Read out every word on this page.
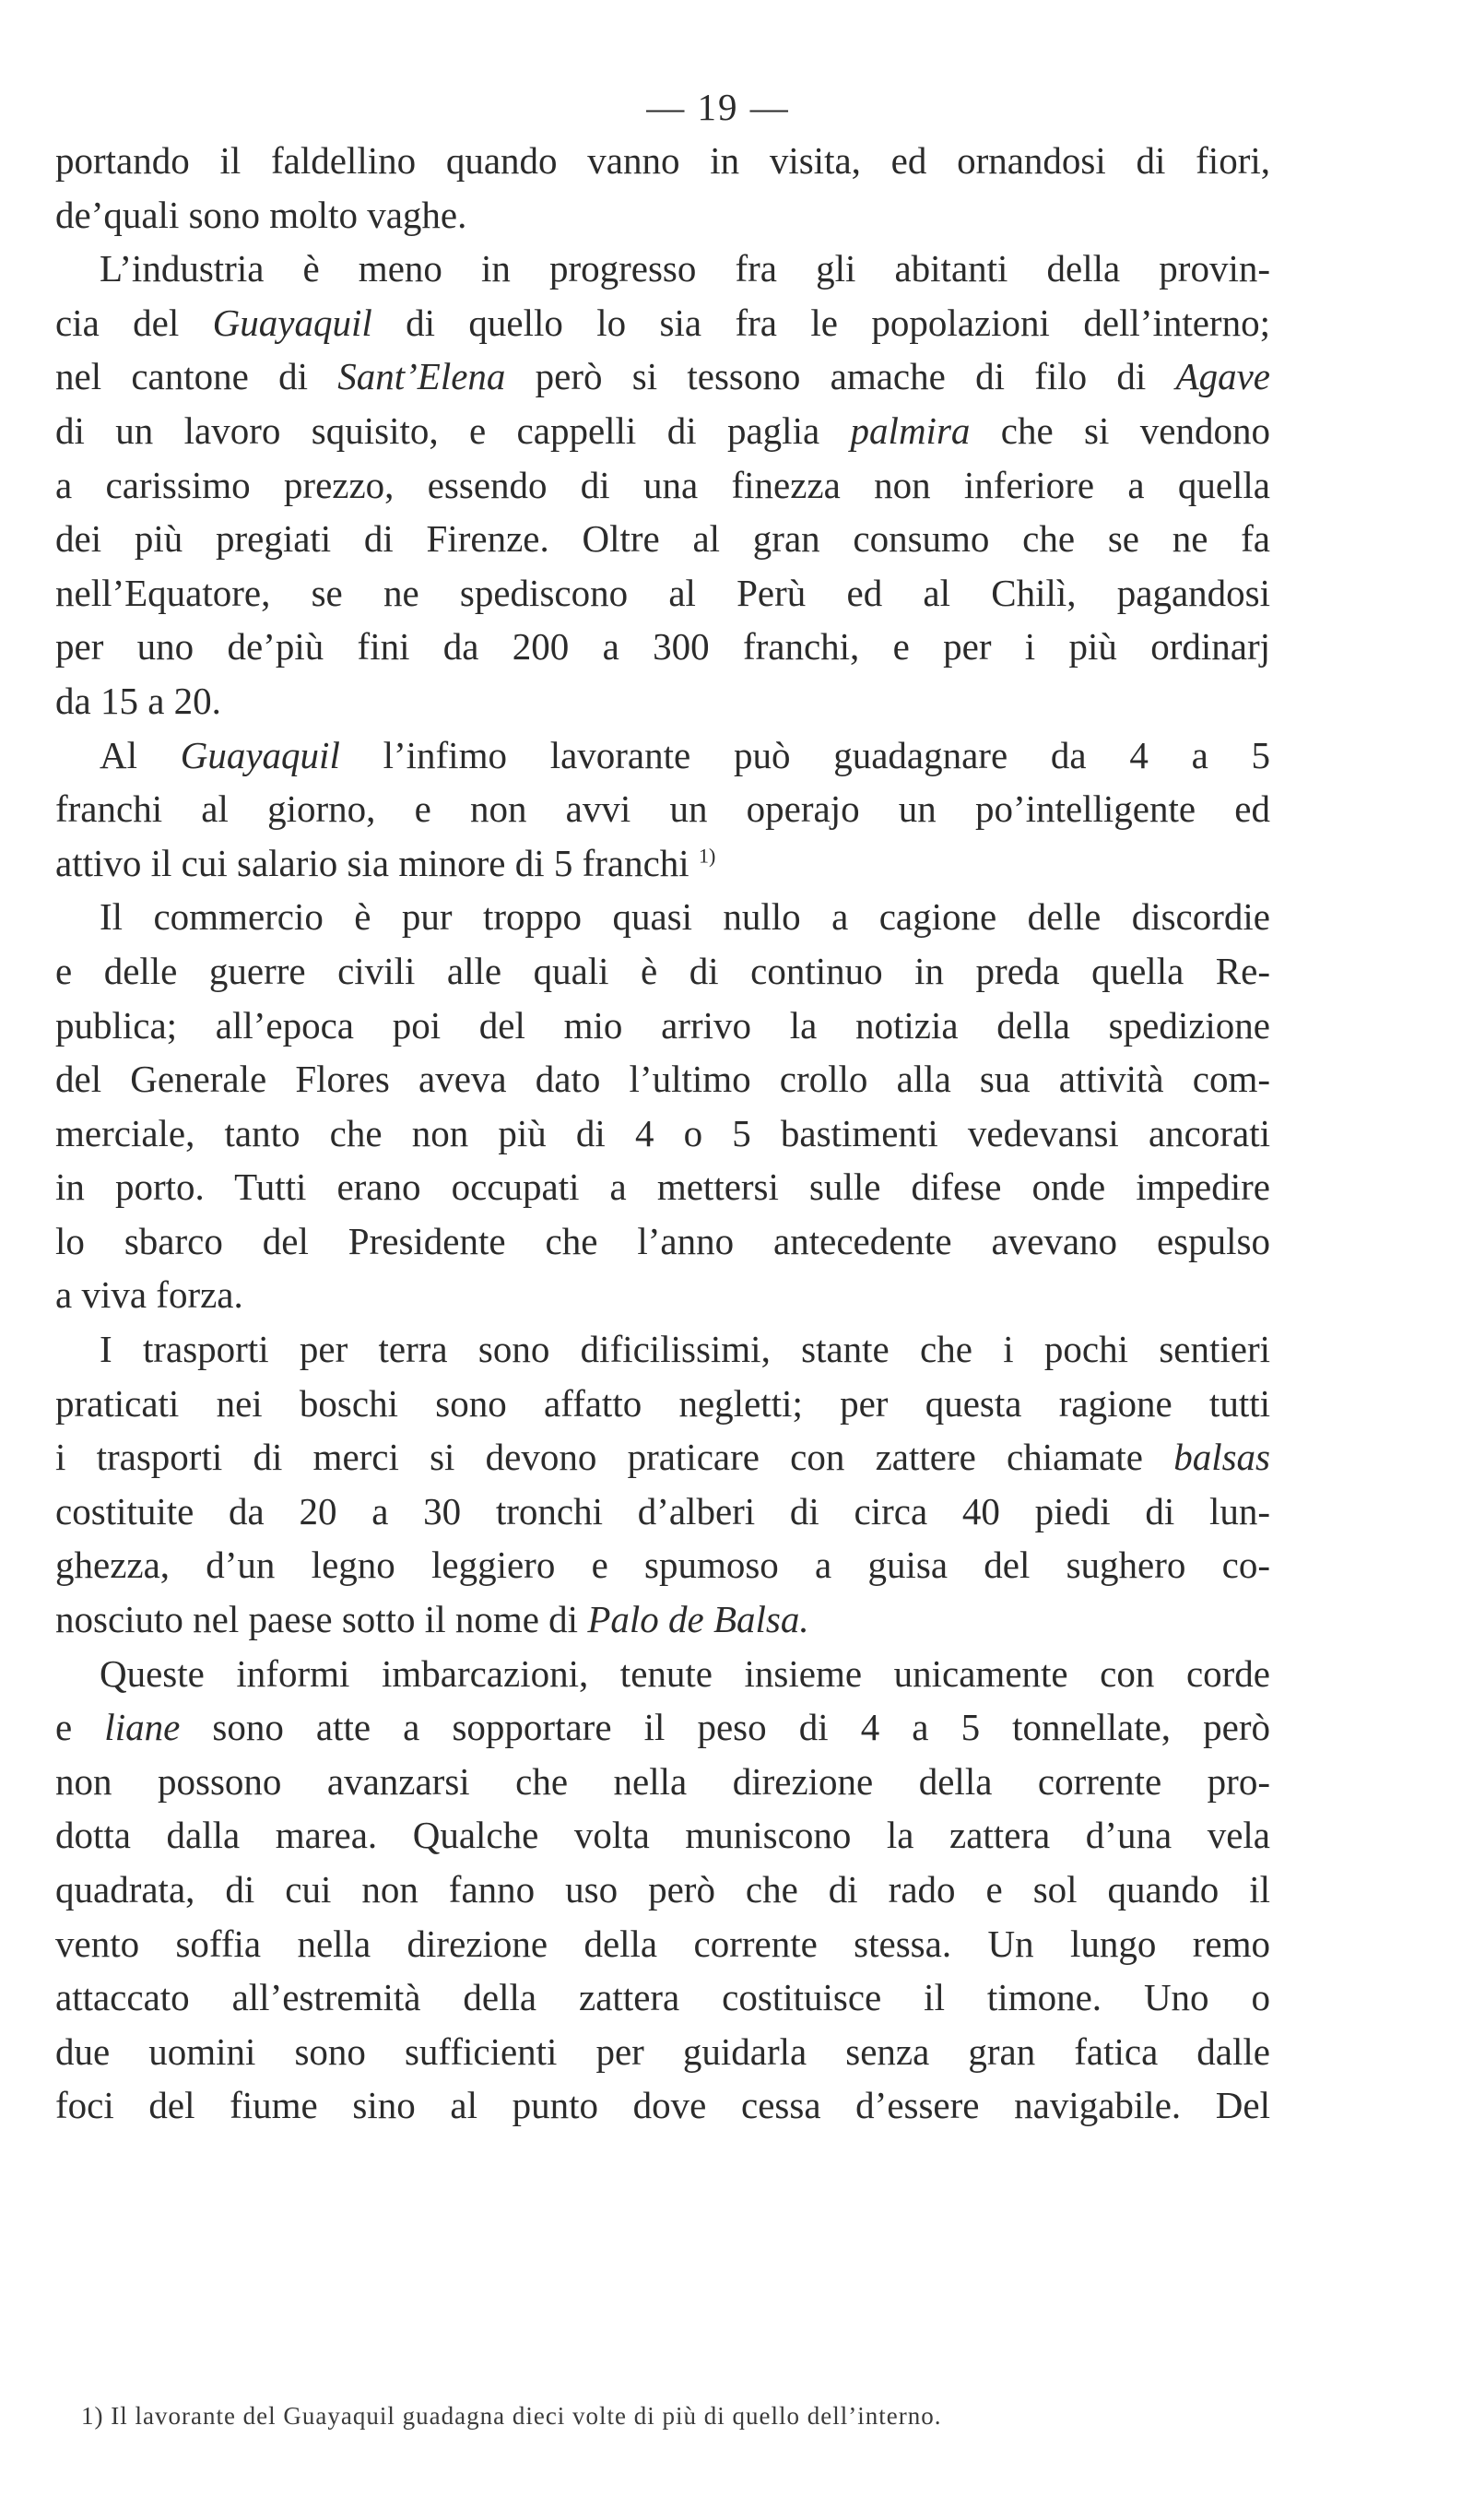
— 19 —
portando il faldellino quando vanno in visita, ed ornandosi di fiori,
de’quali sono molto vaghe.
L’industria è meno in progresso fra gli abitanti della provin-
cia del Guayaquil di quello lo sia fra le popolazioni dell’interno;
nel cantone di Sant’Elena però si tessono amache di filo di Agave
di un lavoro squisito, e cappelli di paglia palmira che si vendono
a carissimo prezzo, essendo di una finezza non inferiore a quella
dei più pregiati di Firenze. Oltre al gran consumo che se ne fa
nell’Equatore, se ne spediscono al Perù ed al Chilì, pagandosi
per uno de’più fini da 200 a 300 franchi, e per i più ordinarj
da 15 a 20.
Al Guayaquil l’infimo lavorante può guadagnare da 4 a 5
franchi al giorno, e non avvi un operajo un po’intelligente ed
attivo il cui salario sia minore di 5 franchi $^{1)}$
Il commercio è pur troppo quasi nullo a cagione delle discordie
e delle guerre civili alle quali è di continuo in preda quella Re-
publica; all’epoca poi del mio arrivo la notizia della spedizione
del Generale Flores aveva dato l’ultimo crollo alla sua attività com-
merciale, tanto che non più di 4 o 5 bastimenti vedevansi ancorati
in porto. Tutti erano occupati a mettersi sulle difese onde impedire
lo sbarco del Presidente che l’anno antecedente avevano espulso
a viva forza.
I trasporti per terra sono dificilissimi, stante che i pochi sentieri
praticati nei boschi sono affatto negletti; per questa ragione tutti
i trasporti di merci si devono praticare con zattere chiamate balsas
costituite da 20 a 30 tronchi d’alberi di circa 40 piedi di lun-
ghezza, d’un legno leggiero e spumoso a guisa del sughero co-
nosciuto nel paese sotto il nome di Palo de Balsa.
Queste informi imbarcazioni, tenute insieme unicamente con corde
e liane sono atte a sopportare il peso di 4 a 5 tonnellate, però
non possono avanzarsi che nella direzione della corrente pro-
dotta dalla marea. Qualche volta muniscono la zattera d’una vela
quadrata, di cui non fanno uso però che di rado e sol quando il
vento soffia nella direzione della corrente stessa. Un lungo remo
attaccato all’estremità della zattera costituisce il timone. Uno o
due uomini sono sufficienti per guidarla senza gran fatica dalle
foci del fiume sino al punto dove cessa d’essere navigabile. Del
1) Il lavorante del Guayaquil guadagna dieci volte di più di quello dell’interno.
